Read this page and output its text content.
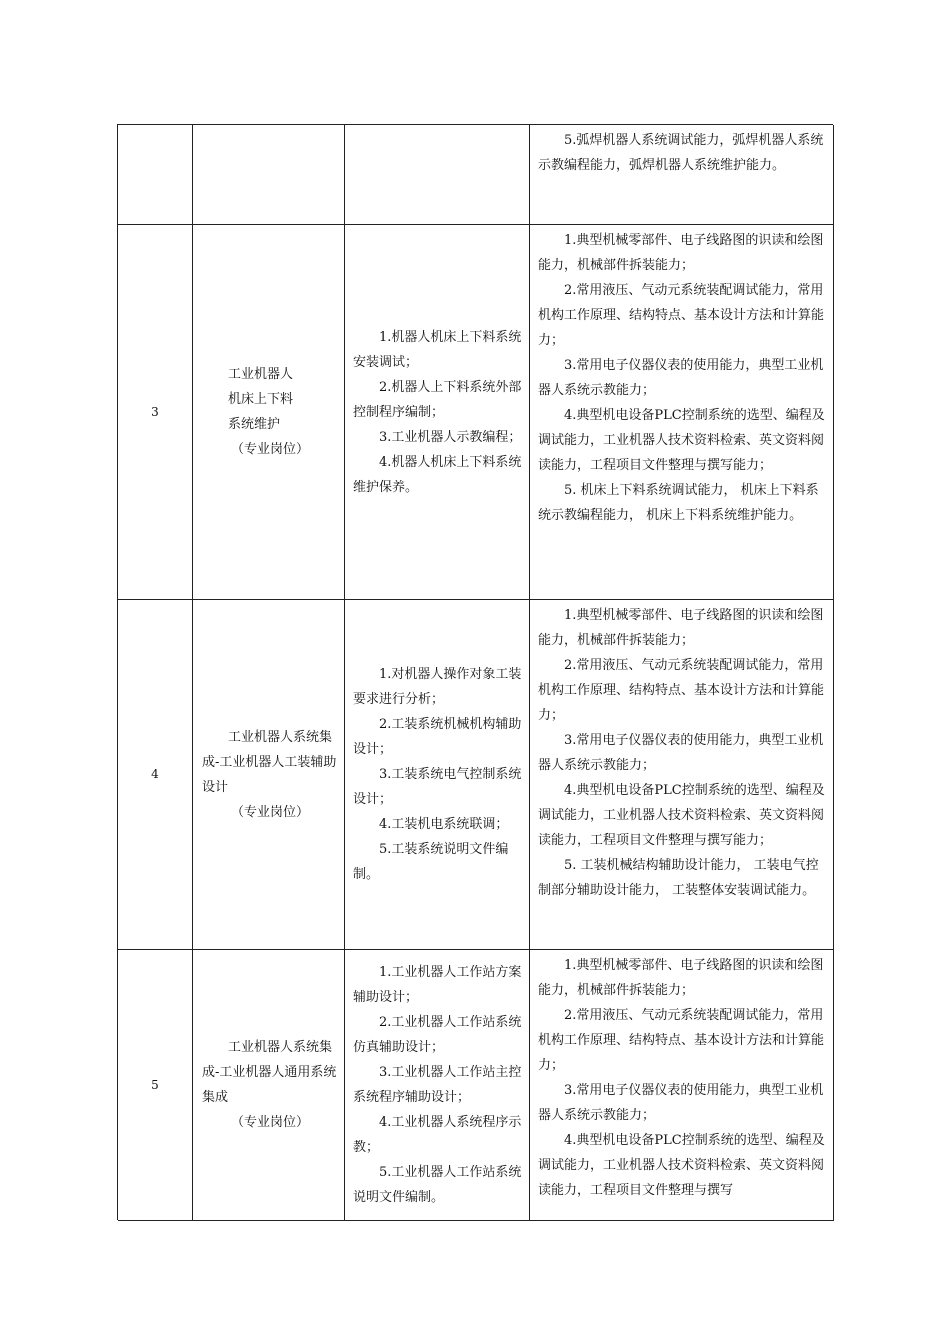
5.弧焊机器人系统调试能力，弧焊机器人系统示教编程能力，弧焊机器人系统维护能力。

3
工业机器人
机床上下料
系统维护
（专业岗位）

1.机器人机床上下料系统安装调试；

2.机器人上下料系统外部控制程序编制；

3.工业机器人示教编程；

4.机器人机床上下料系统维护保养。

1.典型机械零部件、电子线路图的识读和绘图能力，机械部件拆装能力；

2.常用液压、气动元系统装配调试能力，常用机构工作原理、结构特点、基本设计方法和计算能力；

3.常用电子仪器仪表的使用能力，典型工业机器人系统示教能力；

4.典型机电设备PLC控制系统的选型、编程及调试能力，工业机器人技术资料检索、英文资料阅读能力，工程项目文件整理与撰写能力；

5. 机床上下料系统调试能力， 机床上下料系统示教编程能力， 机床上下料系统维护能力。

4
工业机器人系统集成-工业机器人工装辅助设计
（专业岗位）

1.对机器人操作对象工装要求进行分析；

2.工装系统机械机构辅助设计；

3.工装系统电气控制系统设计；

4.工装机电系统联调；

5.工装系统说明文件编制。

1.典型机械零部件、电子线路图的识读和绘图能力，机械部件拆装能力；

2.常用液压、气动元系统装配调试能力，常用机构工作原理、结构特点、基本设计方法和计算能力；

3.常用电子仪器仪表的使用能力，典型工业机器人系统示教能力；

4.典型机电设备PLC控制系统的选型、编程及调试能力，工业机器人技术资料检索、英文资料阅读能力，工程项目文件整理与撰写能力；

5. 工装机械结构辅助设计能力， 工装电气控制部分辅助设计能力， 工装整体安装调试能力。

5
工业机器人系统集成-工业机器人通用系统集成
（专业岗位）

1.工业机器人工作站方案辅助设计；

2.工业机器人工作站系统仿真辅助设计；

3.工业机器人工作站主控系统程序辅助设计；

4.工业机器人系统程序示教；

5.工业机器人工作站系统说明文件编制。

1.典型机械零部件、电子线路图的识读和绘图能力，机械部件拆装能力；

2.常用液压、气动元系统装配调试能力，常用机构工作原理、结构特点、基本设计方法和计算能力；

3.常用电子仪器仪表的使用能力，典型工业机器人系统示教能力；

4.典型机电设备PLC控制系统的选型、编程及调试能力，工业机器人技术资料检索、英文资料阅读能力，工程项目文件整理与撰写
